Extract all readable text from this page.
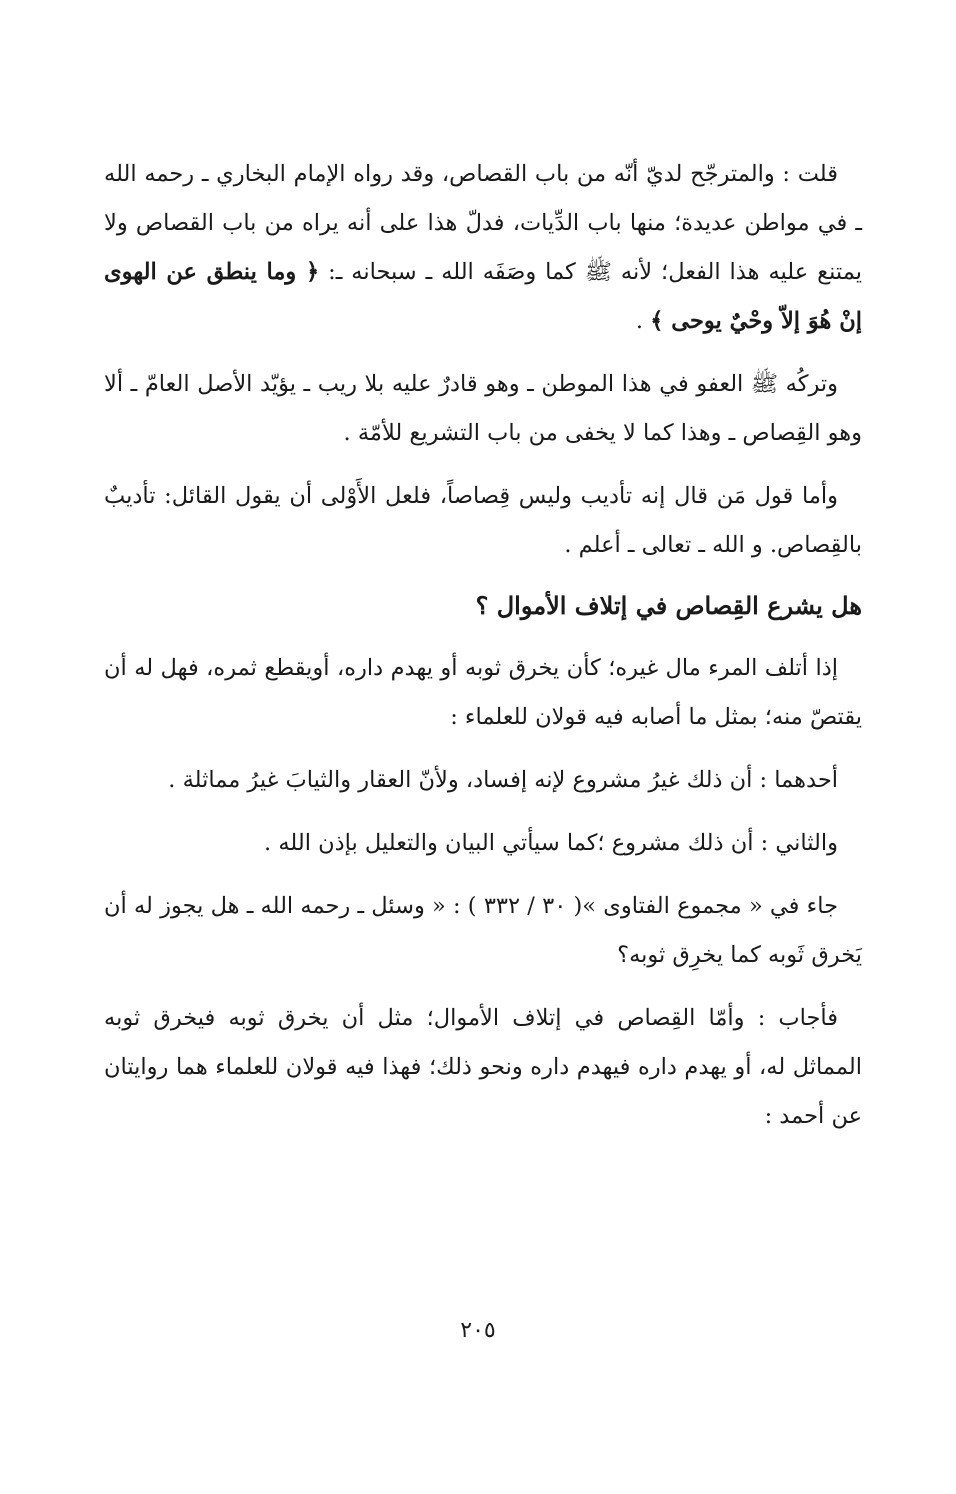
قلت : والمترجّح لديّ أنّه من باب القصاص، وقد رواه الإمام البخاري ـ رحمه الله ـ في مواطن عديدة؛ منها باب الدِّيات، فدلّ هذا على أنه يراه من باب القصاص ولا يمتنع عليه هذا الفعل؛ لأنه ﷺ كما وصَفَه الله ـ سبحانه ـ: ﴿ وما ينطق عن الهوى إنْ هُوَ إلاّ وحْيٌ يوحى ﴾ .

وتركُه ﷺ العفو في هذا الموطن ـ وهو قادرٌ عليه بلا ريب ـ يؤيّد الأصل العامّ ـ ألا وهو القِصاص ـ وهذا كما لا يخفى من باب التشريع للأمّة .

وأما قول مَن قال إنه تأديب وليس قِصاصاً، فلعل الأَوْلى أن يقول القائل: تأديبٌ بالقِصاص. و الله ـ تعالى ـ أعلم .

هل يشرع القِصاص في إتلاف الأموال ؟

إذا أتلف المرء مال غيره؛ كأن يخرق ثوبه أو يهدم داره، أويقطع ثمره، فهل له أن يقتصّ منه؛ بمثل ما أصابه فيه قولان للعلماء :

أحدهما : أن ذلك غيرُ مشروع لإنه إفساد، ولأنّ العقار والثيابَ غيرُ مماثلة .

والثاني : أن ذلك مشروع ؛كما سيأتي البيان والتعليل بإذن الله .

جاء في « مجموع الفتاوى »( ٣٠ / ٣٣٢ ) : « وسئل ـ رحمه الله ـ هل يجوز له أن يَخرق ثَوبه كما يخرِق ثوبه؟

فأجاب : وأمّا القِصاص في إتلاف الأموال؛ مثل أن يخرق ثوبه فيخرق ثوبه المماثل له، أو يهدم داره فيهدم داره ونحو ذلك؛ فهذا فيه قولان للعلماء هما روايتان عن أحمد :

٢٠٥
